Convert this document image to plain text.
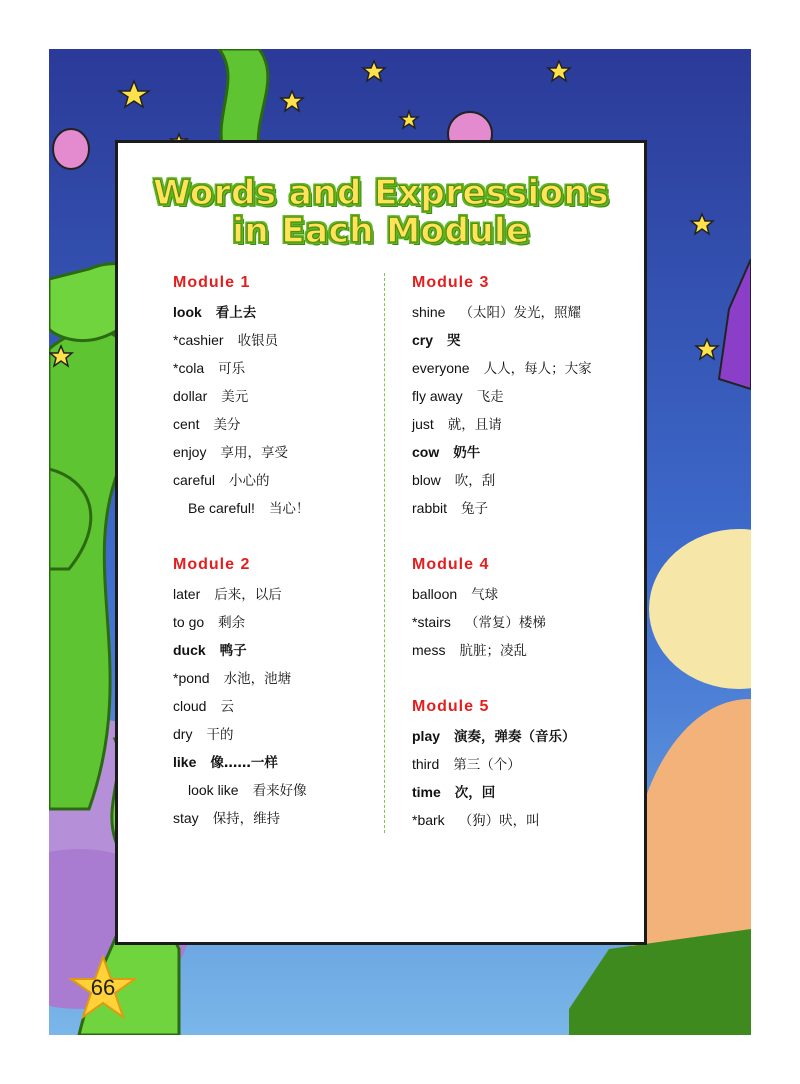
Words and Expressions
in Each Module
Module 1
look 看上去
*cashier 收银员
*cola 可乐
dollar 美元
cent 美分
enjoy 享用，享受
careful 小心的
Be careful! 当心！
Module 2
later 后来，以后
to go 剩余
duck 鸭子
*pond 水池，池塘
cloud 云
dry 干的
like 像……一样
look like 看来好像
stay 保持，维持
Module 3
shine （太阳）发光，照耀
cry 哭
everyone 人人，每人；大家
fly away 飞走
just 就，且请
cow 奶牛
blow 吹，刮
rabbit 兔子
Module 4
balloon 气球
*stairs （常复）楼梯
mess 肮脏；凌乱
Module 5
play 演奏，弹奏（音乐）
third 第三（个）
time 次，回
*bark （狗）吠，叫
66
